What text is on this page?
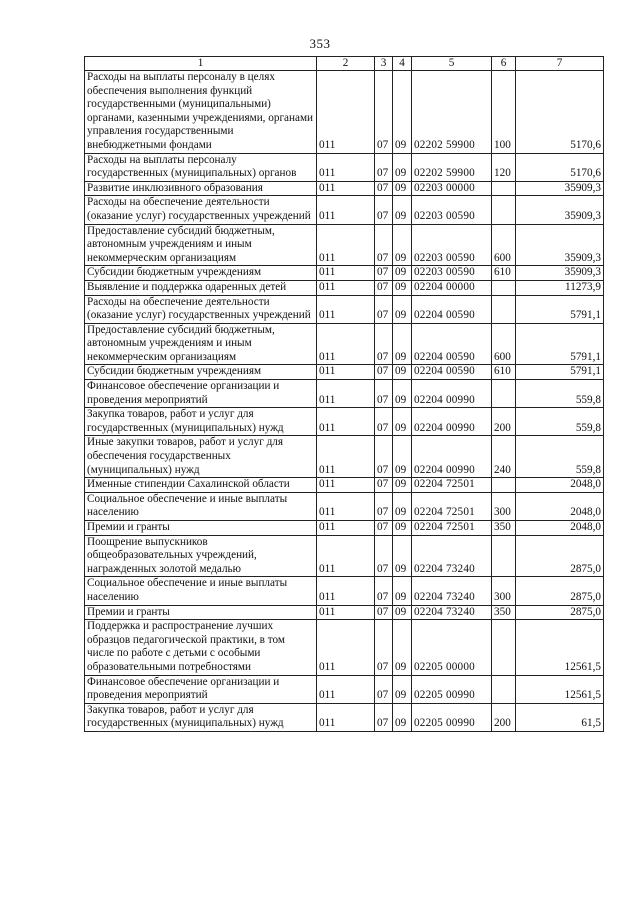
353
1	2	3	4	5	6	7
Расходы на выплаты персоналу в целях обеспечения выполнения функций государственными (муниципальными) органами, казенными учреждениями, органами управления государственными внебюджетными фондами	011	07	09	02202 59900	100	5170,6
Расходы на выплаты персоналу государственных (муниципальных) органов	011	07	09	02202 59900	120	5170,6
Развитие инклюзивного образования	011	07	09	02203 00000		35909,3
Расходы на обеспечение деятельности (оказание услуг) государственных учреждений	011	07	09	02203 00590		35909,3
Предоставление субсидий бюджетным, автономным учреждениям и иным некоммерческим организациям	011	07	09	02203 00590	600	35909,3
Субсидии бюджетным учреждениям	011	07	09	02203 00590	610	35909,3
Выявление и поддержка одаренных детей	011	07	09	02204 00000		11273,9
Расходы на обеспечение деятельности (оказание услуг) государственных учреждений	011	07	09	02204 00590		5791,1
Предоставление субсидий бюджетным, автономным учреждениям и иным некоммерческим организациям	011	07	09	02204 00590	600	5791,1
Субсидии бюджетным учреждениям	011	07	09	02204 00590	610	5791,1
Финансовое обеспечение организации и проведения мероприятий	011	07	09	02204 00990		559,8
Закупка товаров, работ и услуг для государственных (муниципальных) нужд	011	07	09	02204 00990	200	559,8
Иные закупки товаров, работ и услуг для обеспечения государственных (муниципальных) нужд	011	07	09	02204 00990	240	559,8
Именные стипендии Сахалинской области	011	07	09	02204 72501		2048,0
Социальное обеспечение и иные выплаты населению	011	07	09	02204 72501	300	2048,0
Премии и гранты	011	07	09	02204 72501	350	2048,0
Поощрение выпускников общеобразовательных учреждений, награжденных золотой медалью	011	07	09	02204 73240		2875,0
Социальное обеспечение и иные выплаты населению	011	07	09	02204 73240	300	2875,0
Премии и гранты	011	07	09	02204 73240	350	2875,0
Поддержка и распространение лучших образцов педагогической практики, в том числе по работе с детьми с особыми образовательными потребностями	011	07	09	02205 00000		12561,5
Финансовое обеспечение организации и проведения мероприятий	011	07	09	02205 00990		12561,5
Закупка товаров, работ и услуг для государственных (муниципальных) нужд	011	07	09	02205 00990	200	61,5
